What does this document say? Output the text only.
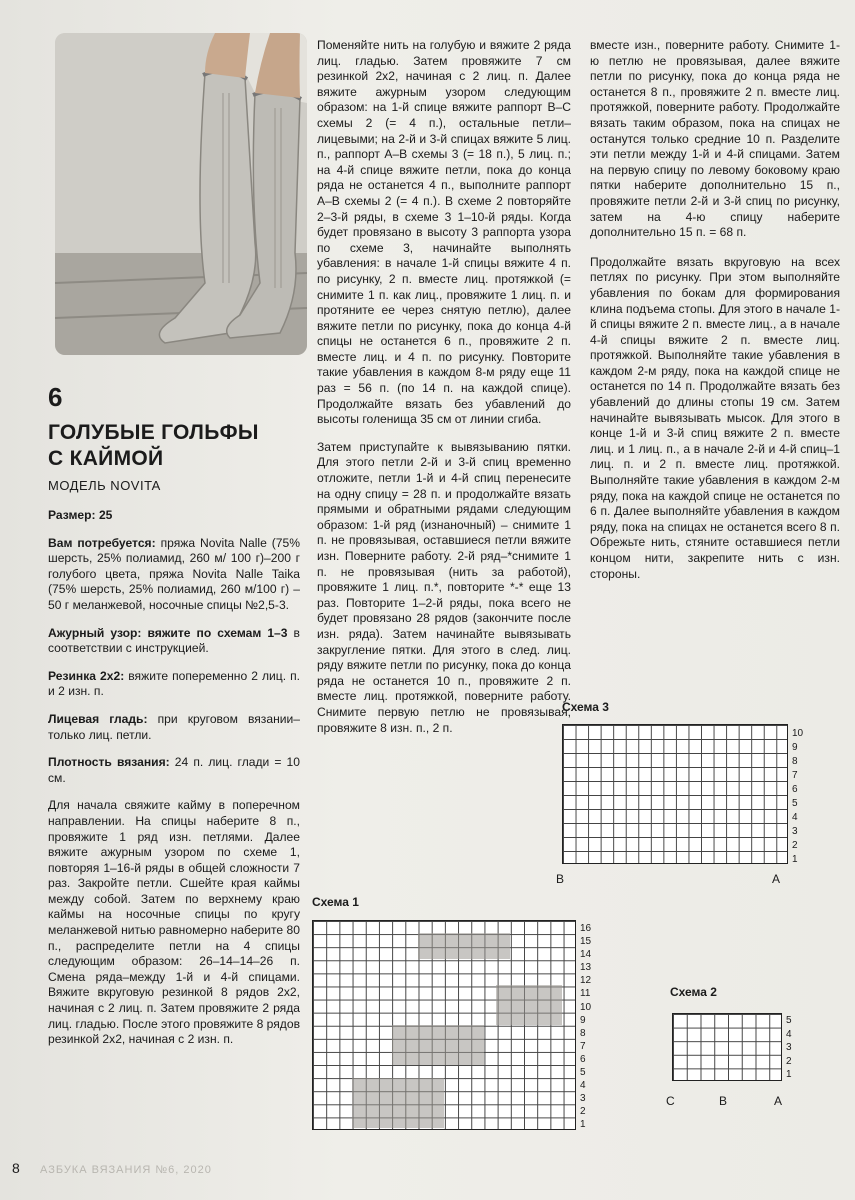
6
ГОЛУБЫЕ ГОЛЬФЫ
С КАЙМОЙ
МОДЕЛЬ NOVITA

Размер: 25

Вам потребуется: пряжа Novita Nalle (75% шерсть, 25% полиамид, 260 м/ 100 г)–200 г голубого цвета, пряжа Novita Nalle Taika (75% шерсть, 25% полиамид, 260 м/100 г) – 50 г меланжевой, носочные спицы №2,5-3.

Ажурный узор: вяжите по схемам 1–3 в соответствии с инструкцией.

Резинка 2х2: вяжите попеременно 2 лиц. п. и 2 изн. п.

Лицевая гладь: при круговом вязании–только лиц. петли.

Плотность вязания: 24 п. лиц. глади = 10 см.

Для начала свяжите кайму в поперечном направлении. На спицы наберите 8 п., провяжите 1 ряд изн. петлями. Далее вяжите ажурным узором по схеме 1, повторяя 1–16-й ряды в общей сложности 7 раз. Закройте петли. Сшейте края каймы между собой. Затем по верхнему краю каймы на носочные спицы по кругу меланжевой нитью равномерно наберите 80 п., распределите петли на 4 спицы следующим образом: 26–14–14–26 п. Смена ряда–между 1-й и 4-й спицами. Вяжите вкруговую резинкой 8 рядов 2х2, начиная с 2 лиц. п. Затем провяжите 2 ряда лиц. гладью. После этого провяжите 8 рядов резинкой 2х2, начиная с 2 изн. п.

Поменяйте нить на голубую и вяжите 2 ряда лиц. гладью. Затем провяжите 7 см резинкой 2х2, начиная с 2 лиц. п. Далее вяжите ажурным узором следующим образом: на 1-й спице вяжите раппорт В–С схемы 2 (= 4 п.), остальные петли–лицевыми; на 2-й и 3-й спицах вяжите 5 лиц. п., раппорт А–В схемы 3 (= 18 п.), 5 лиц. п.; на 4-й спице вяжите петли, пока до конца ряда не останется 4 п., выполните раппорт А–В схемы 2 (= 4 п.). В схеме 2 повторяйте 2–3-й ряды, в схеме 3 1–10-й ряды. Когда будет провязано в высоту 3 раппорта узора по схеме 3, начинайте выполнять убавления: в начале 1-й спицы вяжите 4 п. по рисунку, 2 п. вместе лиц. протяжкой (= снимите 1 п. как лиц., провяжите 1 лиц. п. и протяните ее через снятую петлю), далее вяжите петли по рисунку, пока до конца 4-й спицы не останется 6 п., провяжите 2 п. вместе лиц. и 4 п. по рисунку. Повторите такие убавления в каждом 8-м ряду еще 11 раз = 56 п. (по 14 п. на каждой спице). Продолжайте вязать без убавлений до высоты голенища 35 см от линии сгиба.

Затем приступайте к вывязыванию пятки. Для этого петли 2-й и 3-й спиц временно отложите, петли 1-й и 4-й спиц перенесите на одну спицу = 28 п. и продолжайте вязать прямыми и обратными рядами следующим образом: 1-й ряд (изнаночный) – снимите 1 п. не провязывая, оставшиеся петли вяжите изн. Поверните работу. 2-й ряд–*снимите 1 п. не провязывая (нить за работой), провяжите 1 лиц. п.*, повторите *-* еще 13 раз. Повторите 1–2-й ряды, пока всего не будет провязано 28 рядов (закончите после изн. ряда). Затем начинайте вывязывать закругление пятки. Для этого в след. лиц. ряду вяжите петли по рисунку, пока до конца ряда не останется 10 п., провяжите 2 п. вместе лиц. протяжкой, поверните работу. Снимите первую петлю не провязывая, провяжите 8 изн. п., 2 п.

вместе изн., поверните работу. Снимите 1-ю петлю не провязывая, далее вяжите петли по рисунку, пока до конца ряда не останется 8 п., провяжите 2 п. вместе лиц. протяжкой, поверните работу. Продолжайте вязать таким образом, пока на спицах не останутся только средние 10 п. Разделите эти петли между 1-й и 4-й спицами. Затем на первую спицу по левому боковому краю пятки наберите дополнительно 15 п., провяжите петли 2-й и 3-й спиц по рисунку, затем на 4-ю спицу наберите дополнительно 15 п. = 68 п.

Продолжайте вязать вкруговую на всех петлях по рисунку. При этом выполняйте убавления по бокам для формирования клина подъема стопы. Для этого в начале 1-й спицы вяжите 2 п. вместе лиц., а в начале 4-й спицы вяжите 2 п. вместе лиц. протяжкой. Выполняйте такие убавления в каждом 2-м ряду, пока на каждой спице не останется по 14 п. Продолжайте вязать без убавлений до длины стопы 19 см. Затем начинайте вывязывать мысок. Для этого в конце 1-й и 3-й спиц вяжите 2 п. вместе лиц. и 1 лиц. п., а в начале 2-й и 4-й спиц–1 лиц. п. и 2 п. вместе лиц. протяжкой. Выполняйте такие убавления в каждом 2-м ряду, пока на каждой спице не останется по 6 п. Далее выполняйте убавления в каждом ряду, пока на спицах не останется всего 8 п. Обрежьте нить, стяните оставшиеся петли концом нити, закрепите нить с изн. стороны.

Схема 3
10
9
8
7
6
5
4
3
2
1
В	А
Схема 1
16
15
14
13
12
11
10
9
8
7
6
5
4
3
2
1
Схема 2
5
4
3
2
1
С	В	А
8 АЗБУКА ВЯЗАНИЯ №6, 2020
